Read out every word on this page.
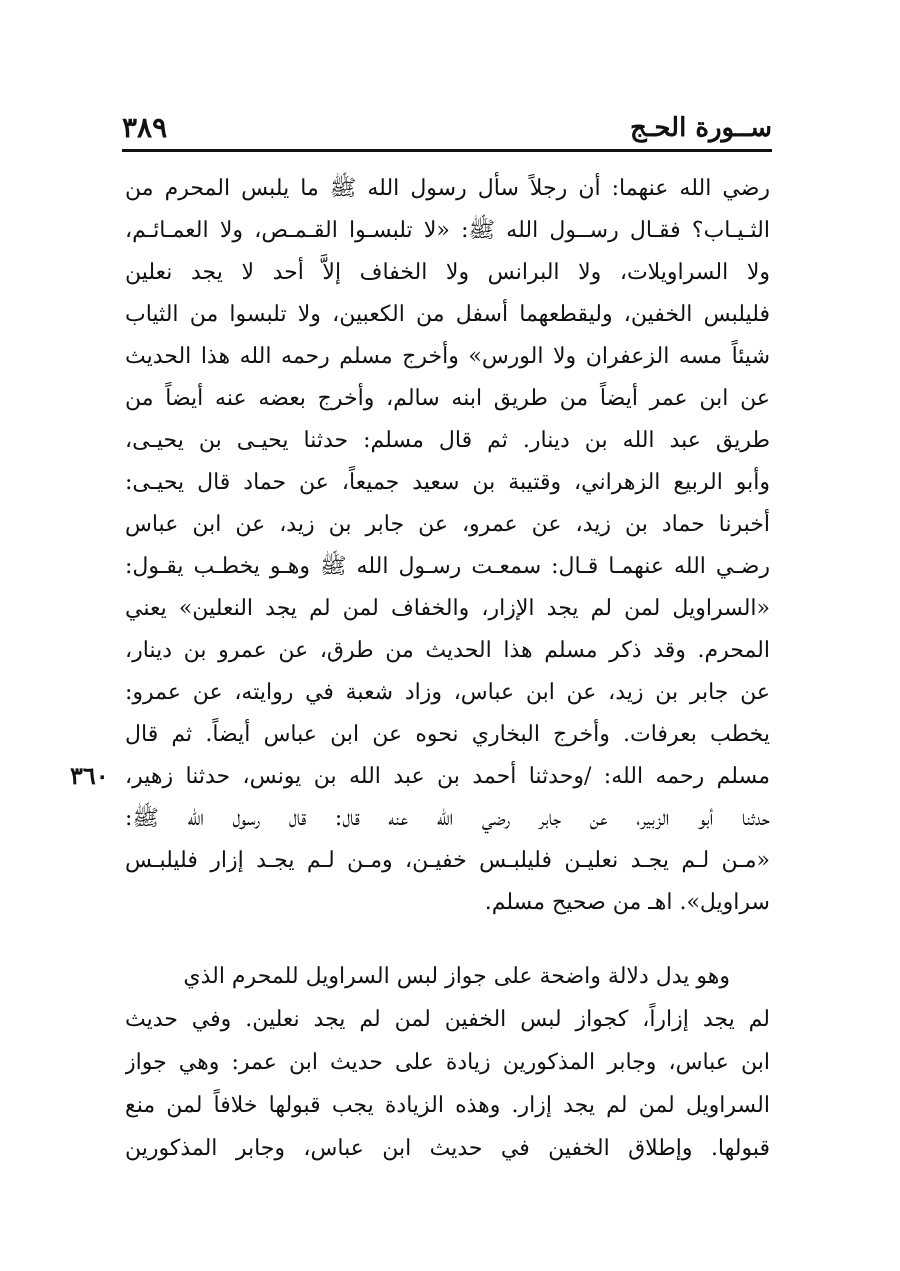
ســورة الحـج
٣٨٩
٣٦٠
رضي الله عنهما: أن رجلاً سأل رسول الله ﷺ ما يلبس المحرم من
الثـيـاب؟ فقـال رســول الله ﷺ: «لا تلبسـوا القـمـص، ولا العمـائـم،
ولا السراويلات، ولا البرانس ولا الخفاف إلاَّ أحد لا يجد نعلين
فليلبس الخفين، وليقطعهما أسفل من الكعبين، ولا تلبسوا من الثياب
شيئاً مسه الزعفران ولا الورس» وأخرج مسلم رحمه الله هذا الحديث
عن ابن عمر أيضاً من طريق ابنه سالم، وأخرج بعضه عنه أيضاً من
طريق عبد الله بن دينار. ثم قال مسلم: حدثنا يحيـى بن يحيـى،
وأبو الربيع الزهراني، وقتيبة بن سعيد جميعاً، عن حماد قال يحيـى:
أخبرنا حماد بن زيد، عن عمرو، عن جابر بن زيد، عن ابن عباس
رضـي الله عنهمـا قـال: سمعـت رسـول الله ﷺ وهـو يخطـب يقـول:
«السراويل لمن لم يجد الإزار، والخفاف لمن لم يجد النعلين» يعني
المحرم. وقد ذكر مسلم هذا الحديث من طرق، عن عمرو بن دينار،
عن جابر بن زيد، عن ابن عباس، وزاد شعبة في روايته، عن عمرو:
يخطب بعرفات. وأخرج البخاري نحوه عن ابن عباس أيضاً. ثم قال
مسلم رحمه الله: /وحدثنا أحمد بن عبد الله بن يونس، حدثنا زهير،
حدثنا أبو الزبير، عن جابر رضي الله عنه قال: قال رسول الله ﷺ:
«مـن لـم يجـد نعليـن فليلبـس خفيـن، ومـن لـم يجـد إزار فليلبـس
سراويل». اهـ من صحيح مسلم.
وهو يدل دلالة واضحة على جواز لبس السراويل للمحرم الذي
لم يجد إزاراً، كجواز لبس الخفين لمن لم يجد نعلين. وفي حديث
ابن عباس، وجابر المذكورين زيادة على حديث ابن عمر: وهي جواز
السراويل لمن لم يجد إزار. وهذه الزيادة يجب قبولها خلافاً لمن منع
قبولها. وإطلاق الخفين في حديث ابن عباس، وجابر المذكورين
